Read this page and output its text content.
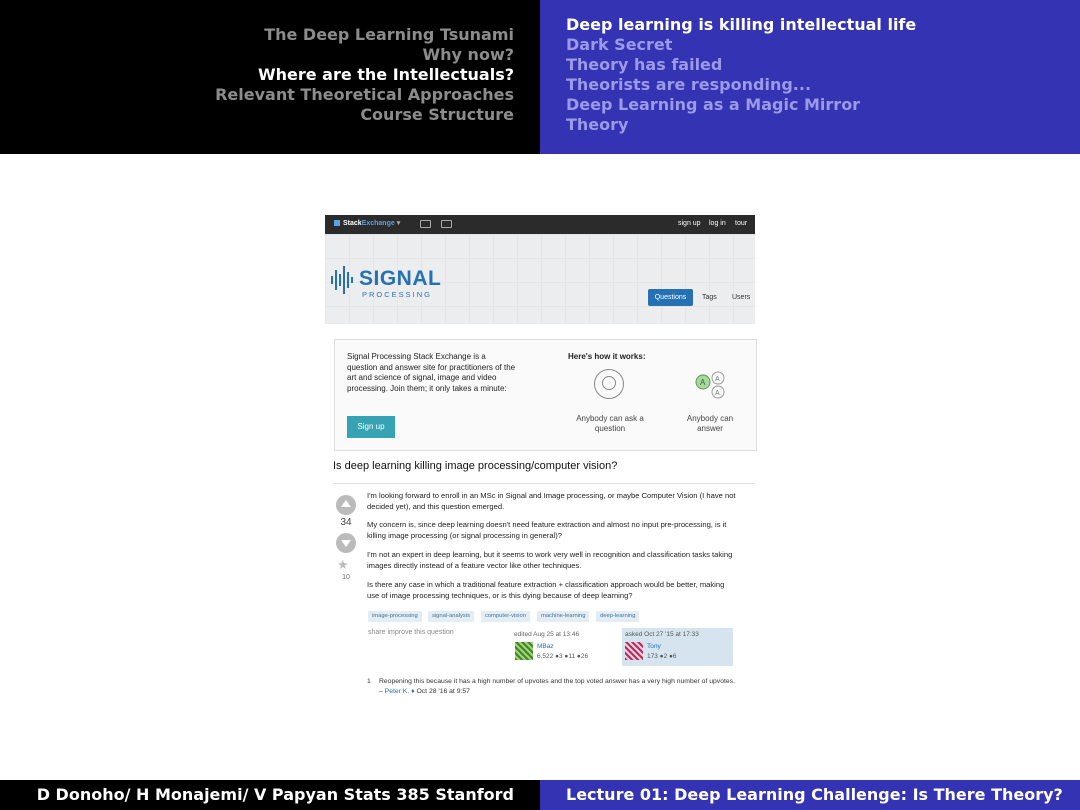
The Deep Learning Tsunami
Why now?
Where are the Intellectuals?
Relevant Theoretical Approaches
Course Structure
Deep learning is killing intellectual life
Dark Secret
Theory has failed
Theorists are responding...
Deep Learning as a Magic Mirror
Theory
StackExchange ▾	sign up log in tour
SIGNAL
PROCESSING	Questions	Tags Users
Signal Processing Stack Exchange is a question and answer site for practitioners of the art and science of signal, image and video processing. Join them; it only takes a minute:
Sign up
Here's how it works:
A A
A
Anybody can ask a question
Anybody can answer
Is deep learning killing image processing/computer vision?
34
★
10
I'm looking forward to enroll in an MSc in Signal and Image processing, or maybe Computer Vision (I have not decided yet), and this question emerged.
My concern is, since deep learning doesn't need feature extraction and almost no input pre-processing, is it killing image processing (or signal processing in general)?
I'm not an expert in deep learning, but it seems to work very well in recognition and classification tasks taking images directly instead of a feature vector like other techniques.
Is there any case in which a traditional feature extraction + classification approach would be better, making use of image processing techniques, or is this dying because of deep learning?
image-processing	signal-analysis	computer-vision	machine-learning	deep-learning
share improve this question	edited Aug 25 at 13:46
MBaz
6,522 ●3 ●11 ●26
asked Oct 27 '15 at 17:33
Tony
173 ●2 ●6
1 Reopening this because it has a high number of upvotes and the top voted answer has a very high number of upvotes. – Peter K. ♦ Oct 28 '16 at 9:57
D Donoho/ H Monajemi/ V Papyan Stats 385 Stanford	Lecture 01: Deep Learning Challenge: Is There Theory?
